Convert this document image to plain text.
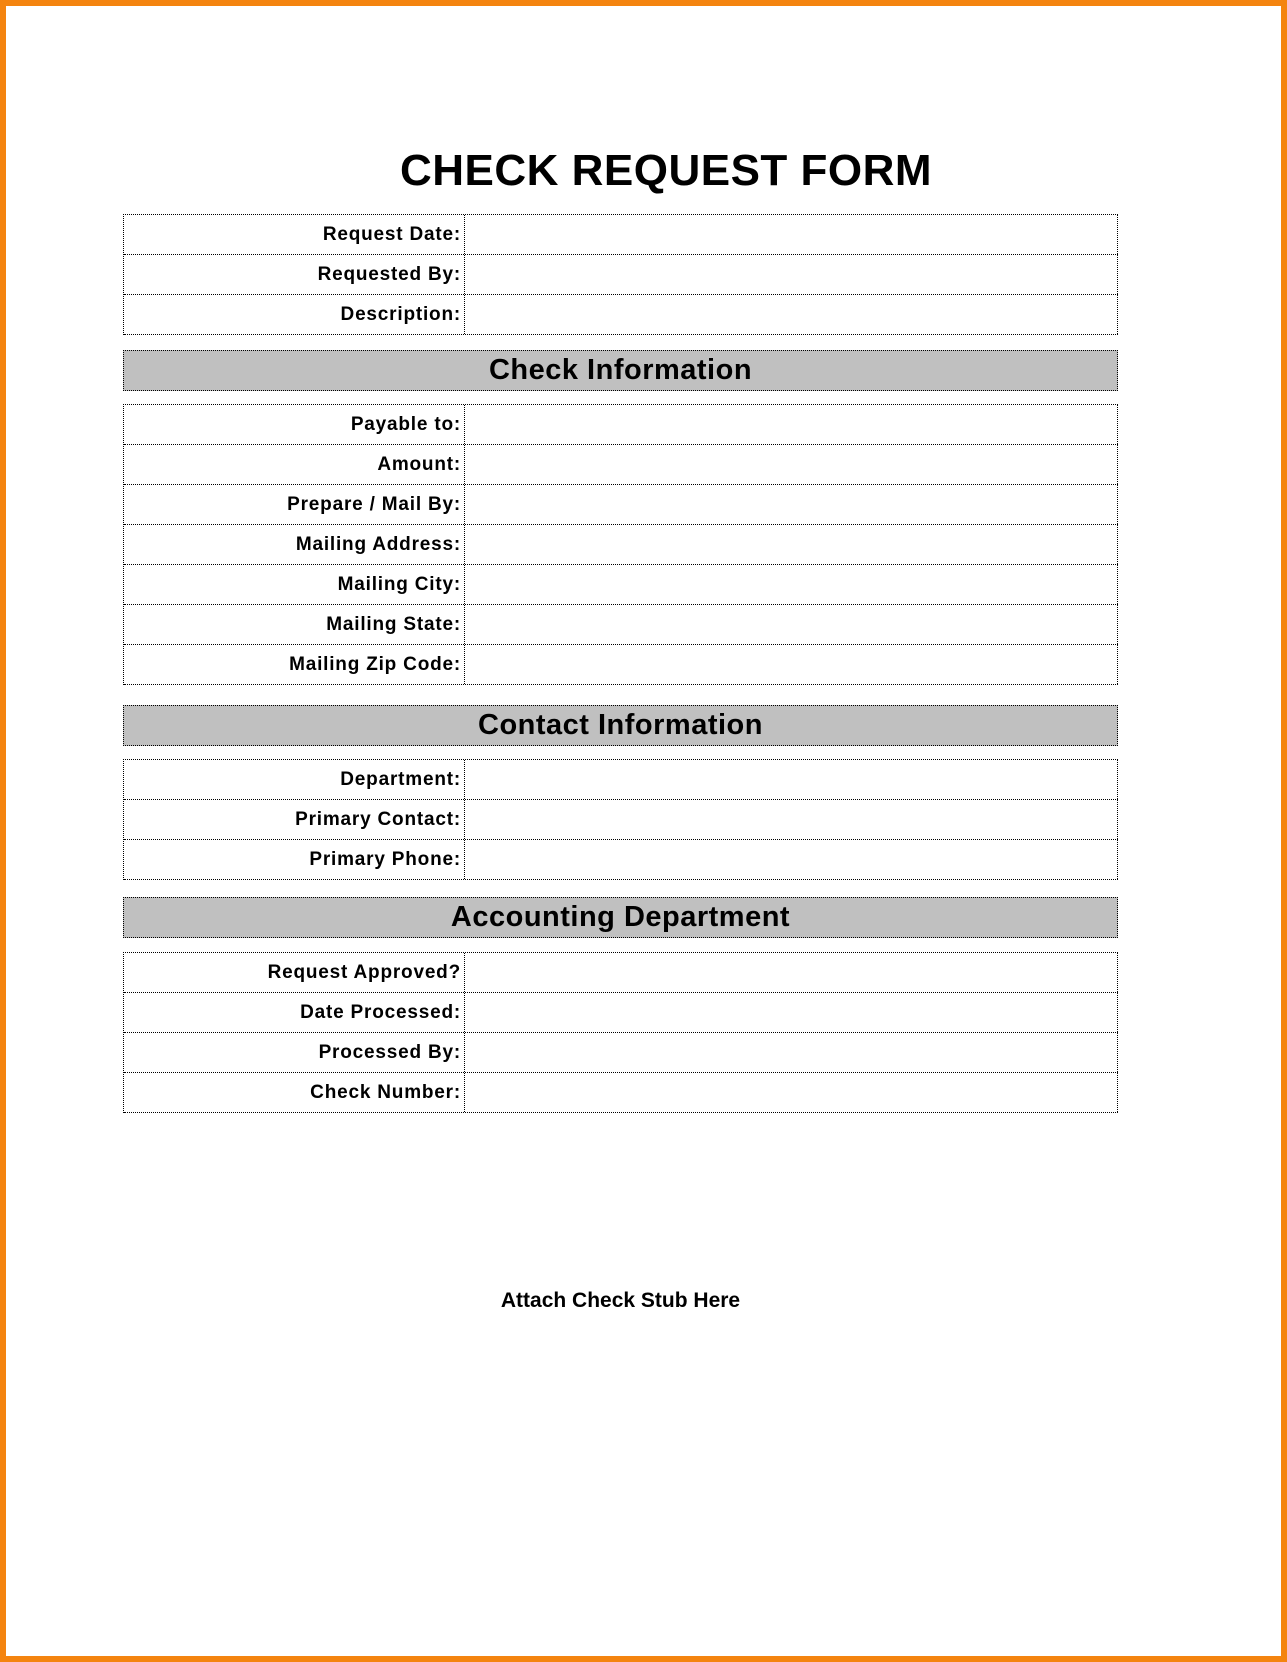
CHECK REQUEST FORM
Request Date:
Requested By:
Description:
Check Information
Payable to:
Amount:
Prepare / Mail By:
Mailing Address:
Mailing City:
Mailing State:
Mailing Zip Code:
Contact Information
Department:
Primary Contact:
Primary Phone:
Accounting Department
Request Approved?
Date Processed:
Processed By:
Check Number:
Attach Check Stub Here
